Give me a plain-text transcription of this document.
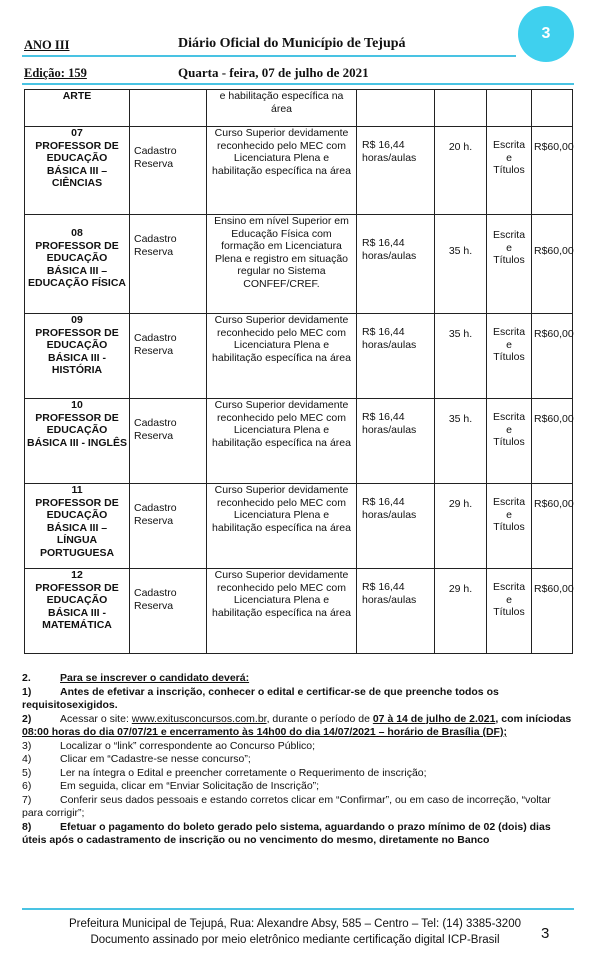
3
ANO III	Diário Oficial do Município de Tejupá
Edição: 159	Quarta - feira, 07 de julho de 2021
ARTE		e habilitação específica na área				

07
PROFESSOR DE EDUCAÇÃO BÁSICA III – CIÊNCIAS	Cadastro Reserva	Curso Superior devidamente reconhecido pelo MEC com Licenciatura Plena e habilitação específica na área	R$ 16,44 horas/aulas	20 h.	Escrita e Títulos	R$60,00

08
PROFESSOR DE EDUCAÇÃO BÁSICA III – EDUCAÇÃO FÍSICA	Cadastro Reserva	Ensino em nível Superior em Educação Física com formação em Licenciatura Plena e registro em situação regular no Sistema CONFEF/CREF.	R$ 16,44 horas/aulas	35 h.	Escrita e Títulos	R$60,00

09
PROFESSOR DE EDUCAÇÃO BÁSICA III - HISTÓRIA	Cadastro Reserva	Curso Superior devidamente reconhecido pelo MEC com Licenciatura Plena e habilitação específica na área	R$ 16,44 horas/aulas	35 h.	Escrita e Títulos	R$60,00

10
PROFESSOR DE EDUCAÇÃO BÁSICA III - INGLÊS	Cadastro Reserva	Curso Superior devidamente reconhecido pelo MEC com Licenciatura Plena e habilitação específica na área	R$ 16,44 horas/aulas	35 h.	Escrita e Títulos	R$60,00

11
PROFESSOR DE EDUCAÇÃO BÁSICA III – LÍNGUA PORTUGUESA	Cadastro Reserva	Curso Superior devidamente reconhecido pelo MEC com Licenciatura Plena e habilitação específica na área	R$ 16,44 horas/aulas	29 h.	Escrita e Títulos	R$60,00

12
PROFESSOR DE EDUCAÇÃO BÁSICA III - MATEMÁTICA	Cadastro Reserva	Curso Superior devidamente reconhecido pelo MEC com Licenciatura Plena e habilitação específica na área	R$ 16,44 horas/aulas	29 h.	Escrita e Títulos	R$60,00

2.	Para se inscrever o candidato deverá:

1)	Antes de efetivar a inscrição, conhecer o edital e certificar-se de que preenche todos os requisitosexigidos.

2)	Acessar o site: www.exitusconcursos.com.br, durante o período de 07 à 14 de julho de 2.021, com iníciodas 08:00 horas do dia 07/07/21 e encerramento às 14h00 do dia 14/07/2021 – horário de Brasília (DF);

3)	Localizar o “link” correspondente ao Concurso Público;

4)	Clicar em “Cadastre-se nesse concurso”;

5)	Ler na íntegra o Edital e preencher corretamente o Requerimento de inscrição;

6)	Em seguida, clicar em “Enviar Solicitação de Inscrição”;

7)	Conferir seus dados pessoais e estando corretos clicar em “Confirmar”, ou em caso de incorreção, “voltar para corrigir”;

8)	Efetuar o pagamento do boleto gerado pelo sistema, aguardando o prazo mínimo de 02 (dois) dias úteis após o cadastramento de inscrição ou no vencimento do mesmo, diretamente no Banco

Prefeitura Municipal de Tejupá, Rua: Alexandre Absy, 585 – Centro – Tel: (14) 3385-3200
Documento assinado por meio eletrônico mediante certificação digital ICP-Brasil	3
